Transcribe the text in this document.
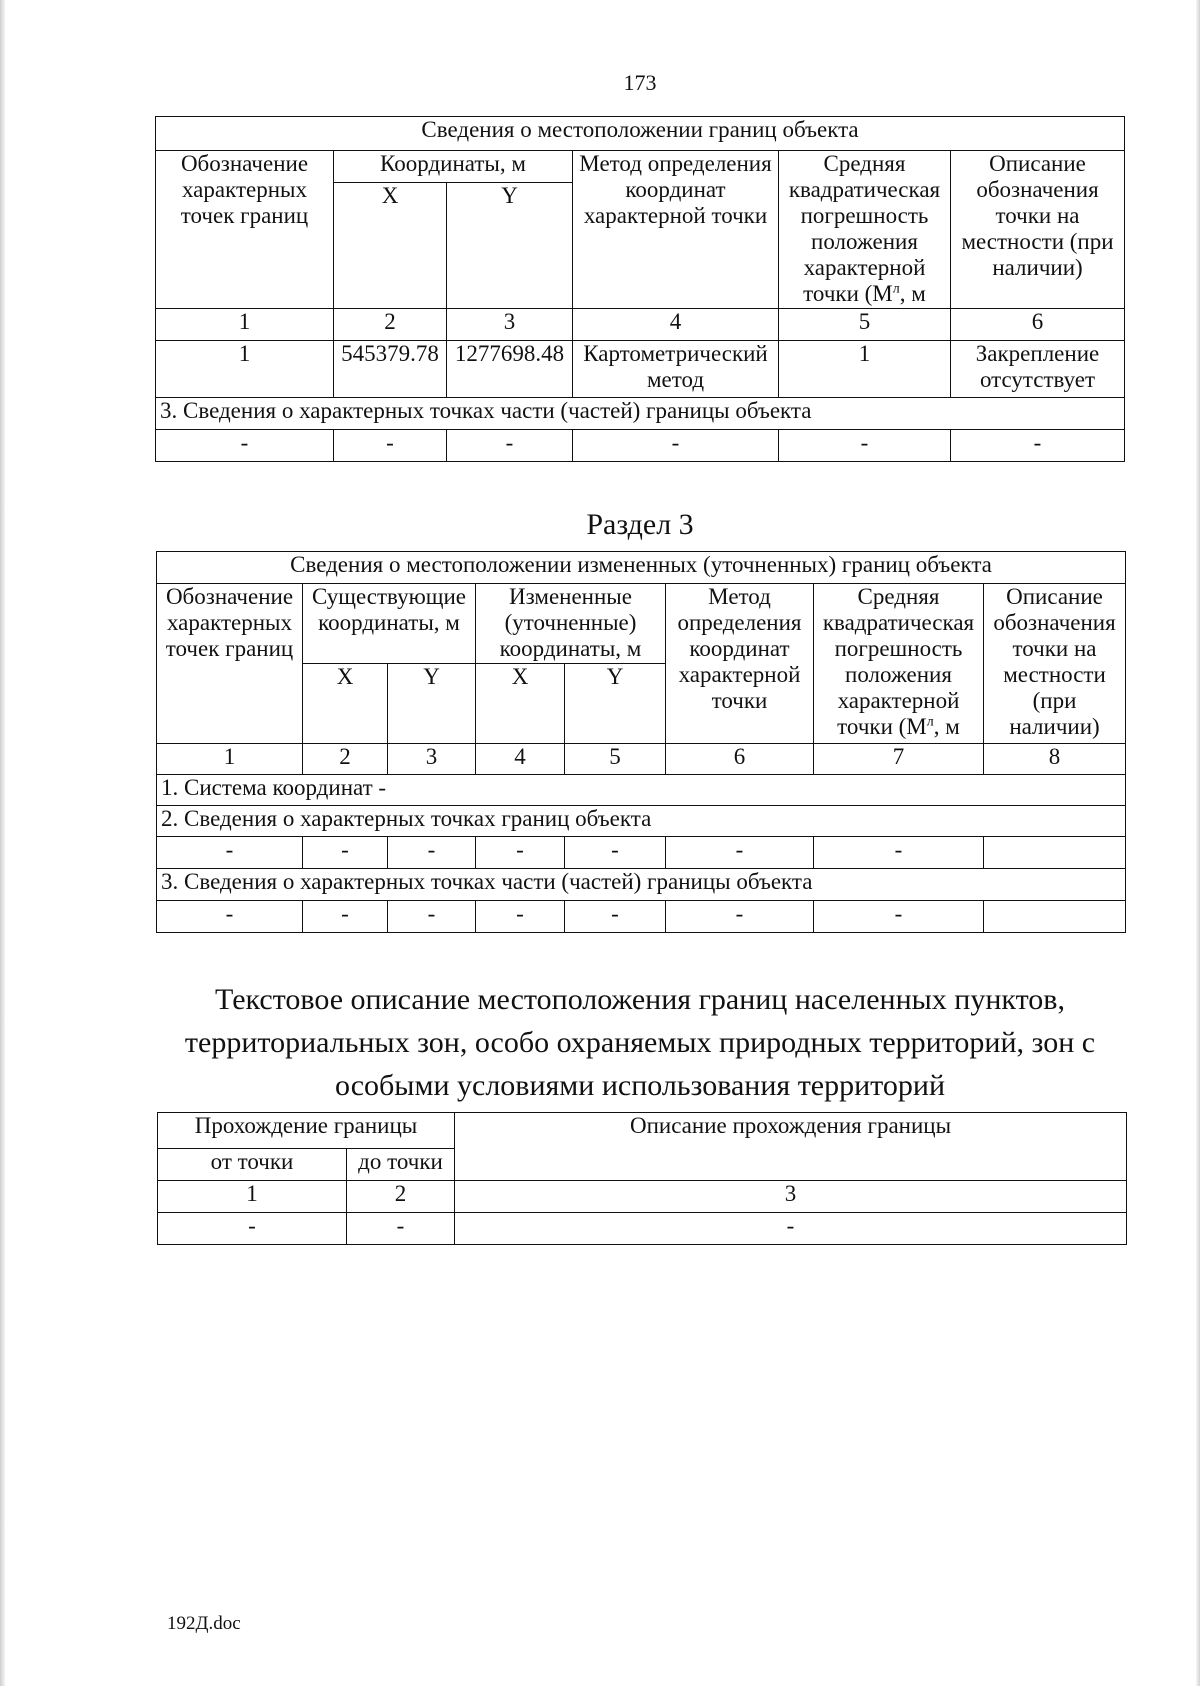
173
Сведения о местоположении границ объекта					
Обозначение характерных точек границ	Координаты, м		Метод определения координат характерной точки	Средняя квадратическая погрешность положения характерной точки ($М^л$, м	Описание обозначения точки на местности (при наличии)
	X	Y			
1	2	3	4	5	6
1	545379.78	1277698.48	Картометрический метод	1	Закрепление отсутствует
3. Сведения о характерных точках части (частей) границы объекта					
-	-	-	-	-	-
Раздел 3
Сведения о местоположении измененных (уточненных) границ объекта							
Обозначение характерных точек границ	Существующие координаты, м		Измененные (уточненные) координаты, м		Метод определения координат характерной точки	Средняя квадратическая погрешность положения характерной точки ($М^л$, м	Описание обозначения точки на местности (при наличии)
	X	Y	X	Y			
1	2	3	4	5	6	7	8
1. Система координат -							
2. Сведения о характерных точках границ объекта							
-	-	-	-	-	-	-	
3. Сведения о характерных точках части (частей) границы объекта							
-	-	-	-	-	-	-	
Текстовое описание местоположения границ населенных пунктов, территориальных зон, особо охраняемых природных территорий, зон с особыми условиями использования территорий
Прохождение границы		Описание прохождения границы
от точки	до точки	
1	2	3
-	-	-
192Д.doc
